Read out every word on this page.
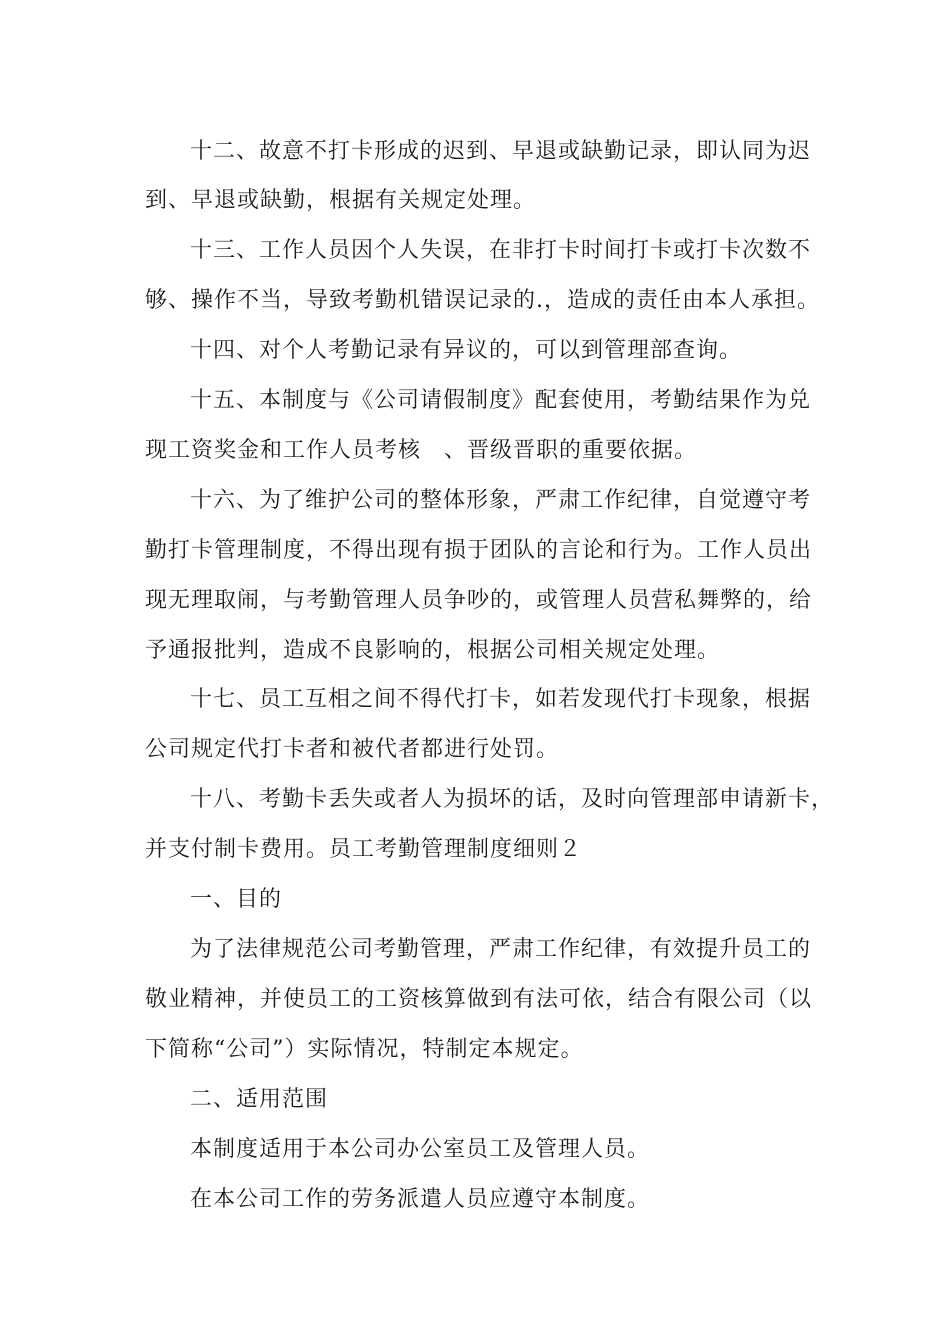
十二、故意不打卡形成的迟到、早退或缺勤记录，即认同为迟
到、早退或缺勤，根据有关规定处理。
十三、工作人员因个人失误，在非打卡时间打卡或打卡次数不
够、操作不当，导致考勤机错误记录的.，造成的责任由本人承担。
十四、对个人考勤记录有异议的，可以到管理部查询。
十五、本制度与《公司请假制度》配套使用，考勤结果作为兑
现工资奖金和工作人员考核　、晋级晋职的重要依据。
十六、为了维护公司的整体形象，严肃工作纪律，自觉遵守考
勤打卡管理制度，不得出现有损于团队的言论和行为。工作人员出
现无理取闹，与考勤管理人员争吵的，或管理人员营私舞弊的，给
予通报批判，造成不良影响的，根据公司相关规定处理。
十七、员工互相之间不得代打卡，如若发现代打卡现象，根据
公司规定代打卡者和被代者都进行处罚。
十八、考勤卡丢失或者人为损坏的话，及时向管理部申请新卡，
并支付制卡费用。员工考勤管理制度细则２
一、目的
为了法律规范公司考勤管理，严肃工作纪律，有效提升员工的
敬业精神，并使员工的工资核算做到有法可依，结合有限公司（以
下简称“公司”）实际情况，特制定本规定。
二、适用范围
本制度适用于本公司办公室员工及管理人员。
在本公司工作的劳务派遣人员应遵守本制度。
